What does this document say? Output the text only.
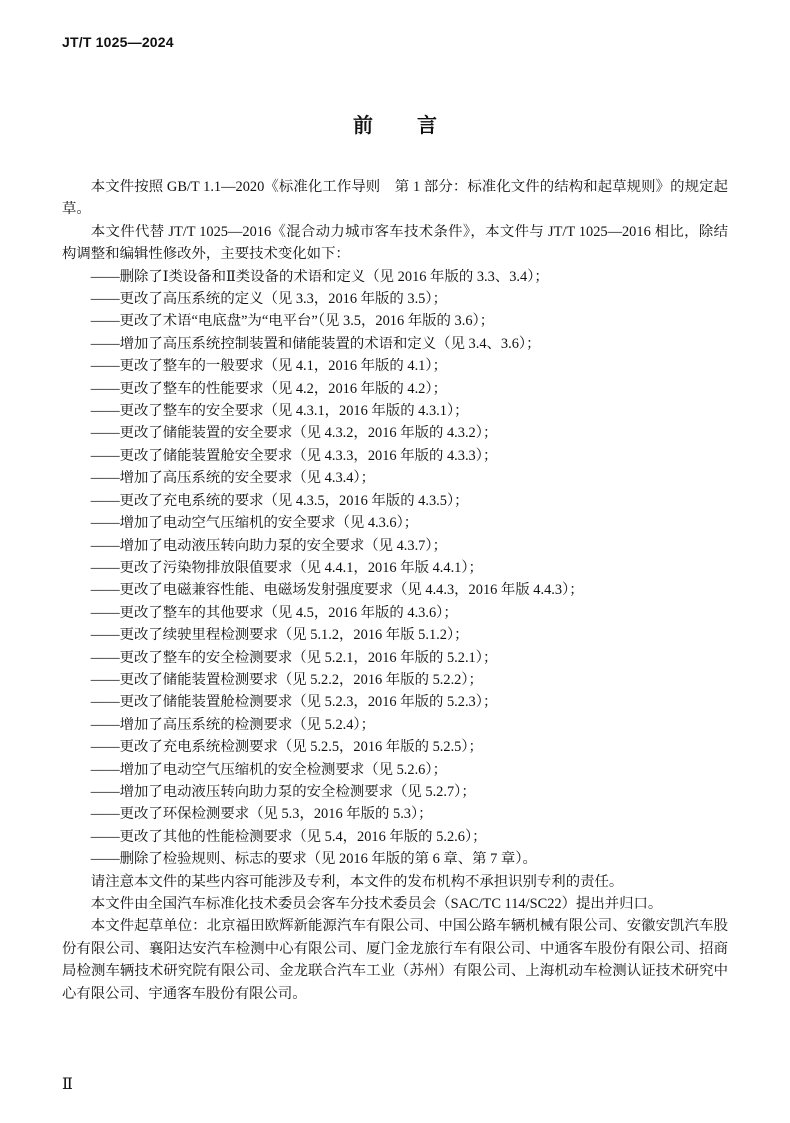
JT/T 1025—2024
前　言

本文件按照 GB/T 1.1—2020《标准化工作导则　第 1 部分：标准化文件的结构和起草规则》的规定起草。

本文件代替 JT/T 1025—2016《混合动力城市客车技术条件》，本文件与 JT/T 1025—2016 相比，除结构调整和编辑性修改外，主要技术变化如下：

——删除了Ⅰ类设备和Ⅱ类设备的术语和定义（见 2016 年版的 3.3、3.4）；

——更改了高压系统的定义（见 3.3，2016 年版的 3.5）；

——更改了术语“电底盘”为“电平台”（见 3.5，2016 年版的 3.6）；

——增加了高压系统控制装置和储能装置的术语和定义（见 3.4、3.6）；

——更改了整车的一般要求（见 4.1，2016 年版的 4.1）；

——更改了整车的性能要求（见 4.2，2016 年版的 4.2）；

——更改了整车的安全要求（见 4.3.1，2016 年版的 4.3.1）；

——更改了储能装置的安全要求（见 4.3.2，2016 年版的 4.3.2）；

——更改了储能装置舱安全要求（见 4.3.3，2016 年版的 4.3.3）；

——增加了高压系统的安全要求（见 4.3.4）；

——更改了充电系统的要求（见 4.3.5，2016 年版的 4.3.5）；

——增加了电动空气压缩机的安全要求（见 4.3.6）；

——增加了电动液压转向助力泵的安全要求（见 4.3.7）；

——更改了污染物排放限值要求（见 4.4.1，2016 年版 4.4.1）；

——更改了电磁兼容性能、电磁场发射强度要求（见 4.4.3，2016 年版 4.4.3）；

——更改了整车的其他要求（见 4.5，2016 年版的 4.3.6）；

——更改了续驶里程检测要求（见 5.1.2，2016 年版 5.1.2）；

——更改了整车的安全检测要求（见 5.2.1，2016 年版的 5.2.1）；

——更改了储能装置检测要求（见 5.2.2，2016 年版的 5.2.2）；

——更改了储能装置舱检测要求（见 5.2.3，2016 年版的 5.2.3）；

——增加了高压系统的检测要求（见 5.2.4）；

——更改了充电系统检测要求（见 5.2.5，2016 年版的 5.2.5）；

——增加了电动空气压缩机的安全检测要求（见 5.2.6）；

——增加了电动液压转向助力泵的安全检测要求（见 5.2.7）；

——更改了环保检测要求（见 5.3，2016 年版的 5.3）；

——更改了其他的性能检测要求（见 5.4，2016 年版的 5.2.6）；

——删除了检验规则、标志的要求（见 2016 年版的第 6 章、第 7 章）。

请注意本文件的某些内容可能涉及专利，本文件的发布机构不承担识别专利的责任。

本文件由全国汽车标准化技术委员会客车分技术委员会（SAC/TC 114/SC22）提出并归口。

本文件起草单位：北京福田欧辉新能源汽车有限公司、中国公路车辆机械有限公司、安徽安凯汽车股份有限公司、襄阳达安汽车检测中心有限公司、厦门金龙旅行车有限公司、中通客车股份有限公司、招商局检测车辆技术研究院有限公司、金龙联合汽车工业（苏州）有限公司、上海机动车检测认证技术研究中心有限公司、宇通客车股份有限公司。

Ⅱ
